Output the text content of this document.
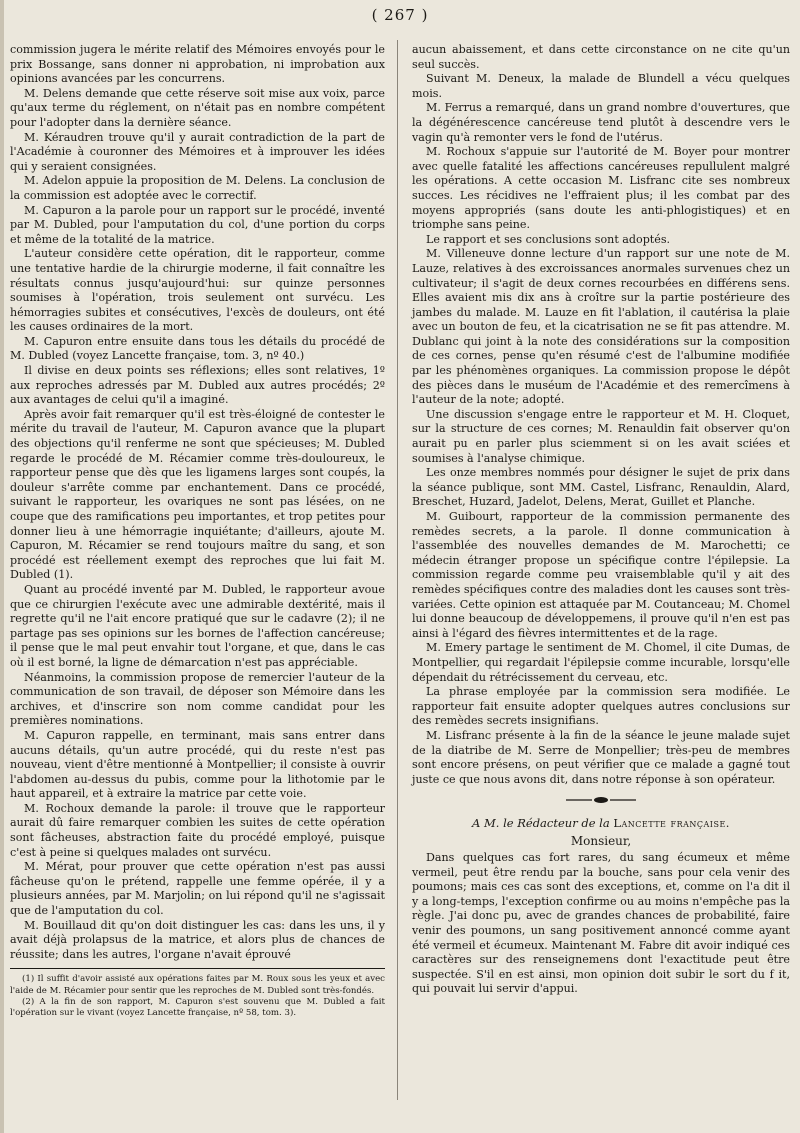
( 267 )

commission jugera le mérite relatif des Mémoires envoyés pour le prix Bossange, sans donner ni approbation, ni improbation aux opinions avancées par les concurrens.

M. Delens demande que cette réserve soit mise aux voix, parce qu'aux terme du réglement, on n'était pas en nombre compétent pour l'adopter dans la dernière séance.

M. Kéraudren trouve qu'il y aurait contradiction de la part de l'Académie à couronner des Mémoires et à improuver les idées qui y seraient consignées.

M. Adelon appuie la proposition de M. Delens. La conclusion de la commission est adoptée avec le correctif.

M. Capuron a la parole pour un rapport sur le procédé, inventé par M. Dubled, pour l'amputation du col, d'une portion du corps et même de la totalité de la matrice.

L'auteur considère cette opération, dit le rapporteur, comme une tentative hardie de la chirurgie moderne, il fait connaître les résultats connus jusqu'aujourd'hui: sur quinze personnes soumises à l'opération, trois seulement ont survécu. Les hémorragies subites et consécutives, l'excès de douleurs, ont été les causes ordinaires de la mort.

M. Capuron entre ensuite dans tous les détails du procédé de M. Dubled (voyez Lancette française, tom. 3, nº 40.)

Il divise en deux points ses réflexions; elles sont relatives, 1º aux reproches adressés par M. Dubled aux autres procédés; 2º aux avantages de celui qu'il a imaginé.

Après avoir fait remarquer qu'il est très-éloigné de contester le mérite du travail de l'auteur, M. Capuron avance que la plupart des objections qu'il renferme ne sont que spécieuses; M. Dubled regarde le procédé de M. Récamier comme très-douloureux, le rapporteur pense que dès que les ligamens larges sont coupés, la douleur s'arrête comme par enchantement. Dans ce procédé, suivant le rapporteur, les ovariques ne sont pas lésées, on ne coupe que des ramifications peu importantes, et trop petites pour donner lieu à une hémorragie inquiétante; d'ailleurs, ajoute M. Capuron, M. Récamier se rend toujours maître du sang, et son procédé est réellement exempt des reproches que lui fait M. Dubled (1).

Quant au procédé inventé par M. Dubled, le rapporteur avoue que ce chirurgien l'exécute avec une admirable dextérité, mais il regrette qu'il ne l'ait encore pratiqué que sur le cadavre (2); il ne partage pas ses opinions sur les bornes de l'affection cancéreuse; il pense que le mal peut envahir tout l'organe, et que, dans le cas où il est borné, la ligne de démarcation n'est pas appréciable.

Néanmoins, la commission propose de remercier l'auteur de la communication de son travail, de déposer son Mémoire dans les archives, et d'inscrire son nom comme candidat pour les premières nominations.

M. Capuron rappelle, en terminant, mais sans entrer dans aucuns détails, qu'un autre procédé, qui du reste n'est pas nouveau, vient d'être mentionné à Montpellier; il consiste à ouvrir l'abdomen au-dessus du pubis, comme pour la lithotomie par le haut appareil, et à extraire la matrice par cette voie.

M. Rochoux demande la parole: il trouve que le rapporteur aurait dû faire remarquer combien les suites de cette opération sont fâcheuses, abstraction faite du procédé employé, puisque c'est à peine si quelques malades ont survécu.

M. Mérat, pour prouver que cette opération n'est pas aussi fâcheuse qu'on le prétend, rappelle une femme opérée, il y a plusieurs années, par M. Marjolin; on lui répond qu'il ne s'agissait que de l'amputation du col.

M. Bouillaud dit qu'on doit distinguer les cas: dans les uns, il y avait déjà prolapsus de la matrice, et alors plus de chances de réussite; dans les autres, l'organe n'avait éprouvé

(1) Il suffit d'avoir assisté aux opérations faites par M. Roux sous les yeux et avec l'aide de M. Récamier pour sentir que les reproches de M. Dubled sont très-fondés.

(2) A la fin de son rapport, M. Capuron s'est souvenu que M. Dubled a fait l'opération sur le vivant (voyez Lancette française, nº 58, tom. 3).

aucun abaissement, et dans cette circonstance on ne cite qu'un seul succès.

Suivant M. Deneux, la malade de Blundell a vécu quelques mois.

M. Ferrus a remarqué, dans un grand nombre d'ouvertures, que la dégénérescence cancéreuse tend plutôt à descendre vers le vagin qu'à remonter vers le fond de l'utérus.

M. Rochoux s'appuie sur l'autorité de M. Boyer pour montrer avec quelle fatalité les affections cancéreuses repullulent malgré les opérations. A cette occasion M. Lisfranc cite ses nombreux succes. Les récidives ne l'effraient plus; il les combat par des moyens appropriés (sans doute les anti-phlogistiques) et en triomphe sans peine.

Le rapport et ses conclusions sont adoptés.

M. Villeneuve donne lecture d'un rapport sur une note de M. Lauze, relatives à des excroissances anormales survenues chez un cultivateur; il s'agit de deux cornes recourbées en différens sens. Elles avaient mis dix ans à croître sur la partie postérieure des jambes du malade. M. Lauze en fit l'ablation, il cautérisa la plaie avec un bouton de feu, et la cicatrisation ne se fit pas attendre. M. Dublanc qui joint à la note des considérations sur la composition de ces cornes, pense qu'en résumé c'est de l'albumine modifiée par les phénomènes organiques. La commission propose le dépôt des pièces dans le muséum de l'Académie et des remercîmens à l'auteur de la note; adopté.

Une discussion s'engage entre le rapporteur et M. H. Cloquet, sur la structure de ces cornes; M. Renauldin fait observer qu'on aurait pu en parler plus sciemment si on les avait sciées et soumises à l'analyse chimique.

Les onze membres nommés pour désigner le sujet de prix dans la séance publique, sont MM. Castel, Lisfranc, Renauldin, Alard, Breschet, Huzard, Jadelot, Delens, Merat, Guillet et Planche.

M. Guibourt, rapporteur de la commission permanente des remèdes secrets, a la parole. Il donne communication à l'assemblée des nouvelles demandes de M. Marochetti; ce médecin étranger propose un spécifique contre l'épilepsie. La commission regarde comme peu vraisemblable qu'il y ait des remèdes spécifiques contre des maladies dont les causes sont très-variées. Cette opinion est attaquée par M. Coutanceau; M. Chomel lui donne beaucoup de développemens, il prouve qu'il n'en est pas ainsi à l'égard des fièvres intermittentes et de la rage.

M. Emery partage le sentiment de M. Chomel, il cite Dumas, de Montpellier, qui regardait l'épilepsie comme incurable, lorsqu'elle dépendait du rétrécissement du cerveau, etc.

La phrase employée par la commission sera modifiée. Le rapporteur fait ensuite adopter quelques autres conclusions sur des remèdes secrets insignifians.

M. Lisfranc présente à la fin de la séance le jeune malade sujet de la diatribe de M. Serre de Monpellier; très-peu de membres sont encore présens, on peut vérifier que ce malade a gagné tout juste ce que nous avons dit, dans notre réponse à son opérateur.

A M. le Rédacteur de la Lancette française.

Monsieur,

Dans quelques cas fort rares, du sang écumeux et même vermeil, peut être rendu par la bouche, sans pour cela venir des poumons; mais ces cas sont des exceptions, et, comme on l'a dit il y a long-temps, l'exception confirme ou au moins n'empêche pas la règle. J'ai donc pu, avec de grandes chances de probabilité, faire venir des poumons, un sang positivement annoncé comme ayant été vermeil et écumeux. Maintenant M. Fabre dit avoir indiqué ces caractères sur des renseignemens dont l'exactitude peut être suspectée. S'il en est ainsi, mon opinion doit subir le sort du f it, qui pouvait lui servir d'appui.
